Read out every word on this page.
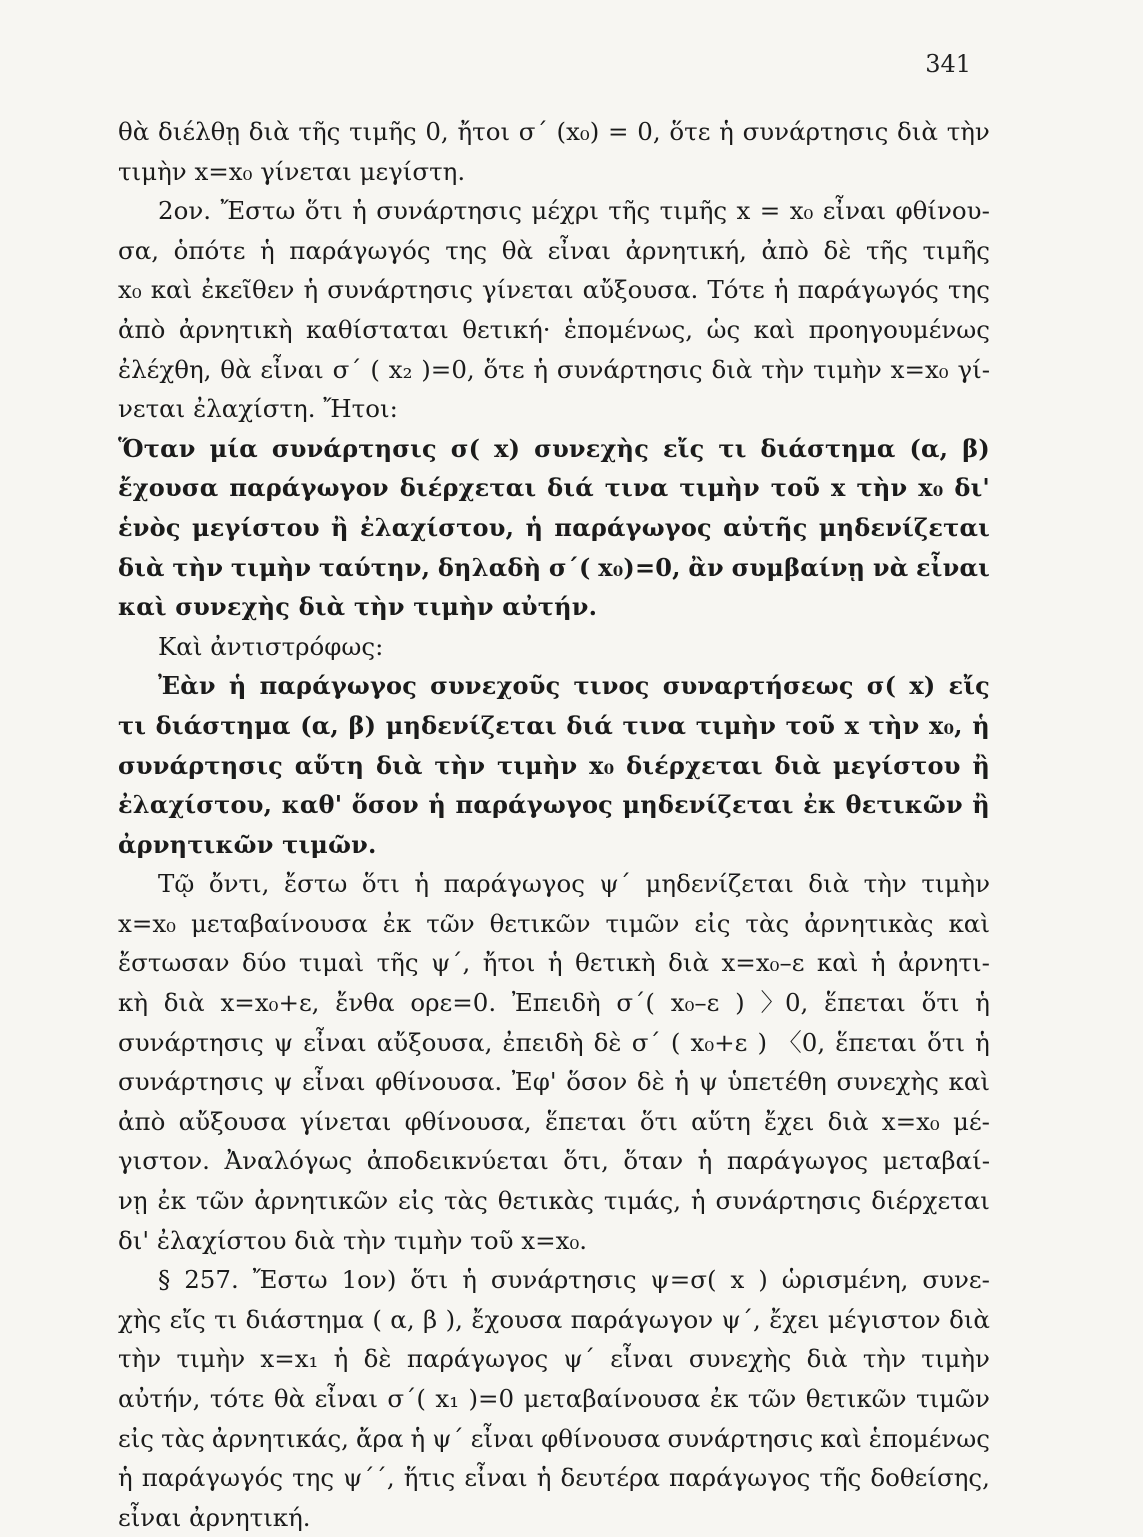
341
θὰ διέλθῃ διὰ τῆς τιμῆς 0, ἤτοι σ΄ (x₀) = 0, ὅτε ἡ συνάρτησις διὰ τὴν
τιμὴν x=x₀ γίνεται μεγίστη.
2ον. Ἔστω ὅτι ἡ συνάρτησις μέχρι τῆς τιμῆς x = x₀ εἶναι φθίνου-
σα, ὁπότε ἡ παράγωγός της θὰ εἶναι ἀρνητική, ἀπὸ δὲ τῆς τιμῆς
x₀ καὶ ἐκεῖθεν ἡ συνάρτησις γίνεται αὔξουσα. Τότε ἡ παράγωγός της
ἀπὸ ἀρνητικὴ καθίσταται θετική· ἑπομένως, ὡς καὶ προηγουμένως
ἐλέχθη, θὰ εἶναι σ΄ ( x₂ )=0, ὅτε ἡ συνάρτησις διὰ τὴν τιμὴν x=x₀ γί-
νεται ἐλαχίστη. Ἤτοι:
Ὅταν μία συνάρτησις σ( x) συνεχὴς εἴς τι διάστημα (α, β)
ἔχουσα παράγωγον διέρχεται διά τινα τιμὴν τοῦ x τὴν x₀ δι'
ἑνὸς μεγίστου ἢ ἐλαχίστου, ἡ παράγωγος αὐτῆς μηδενίζεται
διὰ τὴν τιμὴν ταύτην, δηλαδὴ σ΄( x₀)=0, ἂν συμβαίνῃ νὰ εἶναι
καὶ συνεχὴς διὰ τὴν τιμὴν αὐτήν.
Καὶ ἀντιστρόφως:
Ἐὰν ἡ παράγωγος συνεχοῦς τινος συναρτήσεως σ( x) εἴς
τι διάστημα (α, β) μηδενίζεται διά τινα τιμὴν τοῦ x τὴν x₀, ἡ
συνάρτησις αὕτη διὰ τὴν τιμὴν x₀ διέρχεται διὰ μεγίστου ἢ
ἐλαχίστου, καθ' ὅσον ἡ παράγωγος μηδενίζεται ἐκ θετικῶν ἢ
ἀρνητικῶν τιμῶν.
Τῷ ὄντι, ἔστω ὅτι ἡ παράγωγος ψ΄ μηδενίζεται διὰ τὴν τιμὴν
x=x₀ μεταβαίνουσα ἐκ τῶν θετικῶν τιμῶν εἰς τὰς ἀρνητικὰς καὶ
ἔστωσαν δύο τιμαὶ τῆς ψ΄, ἤτοι ἡ θετικὴ διὰ x=x₀–ε καὶ ἡ ἀρνητι-
κὴ διὰ x=x₀+ε, ἔνθα ορε=0. Ἐπειδὴ σ΄( x₀–ε ) 〉0, ἕπεται ὅτι ἡ
συνάρτησις ψ εἶναι αὔξουσα, ἐπειδὴ δὲ σ΄ ( x₀+ε ) 〈0, ἕπεται ὅτι ἡ
συνάρτησις ψ εἶναι φθίνουσα. Ἐφ' ὅσον δὲ ἡ ψ ὑπετέθη συνεχὴς καὶ
ἀπὸ αὔξουσα γίνεται φθίνουσα, ἕπεται ὅτι αὕτη ἔχει διὰ x=x₀ μέ-
γιστον. Ἀναλόγως ἀποδεικνύεται ὅτι, ὅταν ἡ παράγωγος μεταβαί-
νῃ ἐκ τῶν ἀρνητικῶν εἰς τὰς θετικὰς τιμάς, ἡ συνάρτησις διέρχεται
δι' ἐλαχίστου διὰ τὴν τιμὴν τοῦ x=x₀.
§ 257. Ἔστω 1ον) ὅτι ἡ συνάρτησις ψ=σ( x ) ὡρισμένη, συνε-
χὴς εἴς τι διάστημα ( α, β ), ἔχουσα παράγωγον ψ΄, ἔχει μέγιστον διὰ
τὴν τιμὴν x=x₁ ἡ δὲ παράγωγος ψ΄ εἶναι συνεχὴς διὰ τὴν τιμὴν
αὐτήν, τότε θὰ εἶναι σ΄( x₁ )=0 μεταβαίνουσα ἐκ τῶν θετικῶν τιμῶν
εἰς τὰς ἀρνητικάς, ἄρα ἡ ψ΄ εἶναι φθίνουσα συνάρτησις καὶ ἑπομένως
ἡ παράγωγός της ψ΄΄, ἥτις εἶναι ἡ δευτέρα παράγωγος τῆς δοθείσης,
εἶναι ἀρνητική.
